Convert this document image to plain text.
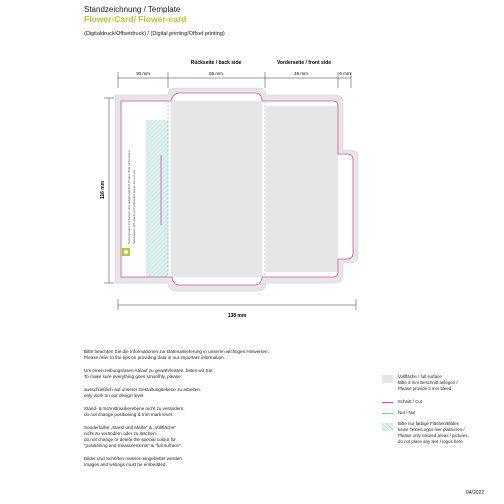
Standzeichnung / Template
Flower-Card/ Flower-card
(Digitaldruck/Offsetdruck) / (Digital printing/Offset printing)
Samenpapier mit Samen und unbehandeltem Papier. Bitte nicht essen. Seed paper with seeds and untreated paper. Do not eat.
Rückseite / back side	Vorderseite / front side
30 mm	55 mm	46 mm	6 mm
116 mm
138 mm
Bitte beachten Sie die Informationen zur Datenanlieferung in unseren wichtigen Hinweisen.
Please refer to the tips on providing data in our important information.
Um einen reibungslosen Ablauf zu gewährleisten, bitten wir Sie:
To make sure everything goes smoothly, please:
ausschließlich auf unserer Gestaltungsebene zu arbeiten.
only work on our design level.
Stand- & Schnittmarkerebene nicht zu verändern.
do not change positioning & trim mark level.
Sonderfarbe „Stand und Maße“ & „Vollfläche“
nicht zu verändern oder zu löschen.
do not change or delete the special colour for
“positioning and measurements” & “full surface”.
Bilder und Schriften müssen eingebettet werden.
Images and writings must be embedded.
Vollfläche / full surface
Bitte 3 mm Beschnitt anlegen /
Please provide 3 mm bleed
Schnitt / Cut
Nut / Nut
Bitte nur farbige Flächen/Bilder,
keine Texte/Logos hier platzieren /
Please only colored areas / pictures,
do not place any text / logos here
04/2022
